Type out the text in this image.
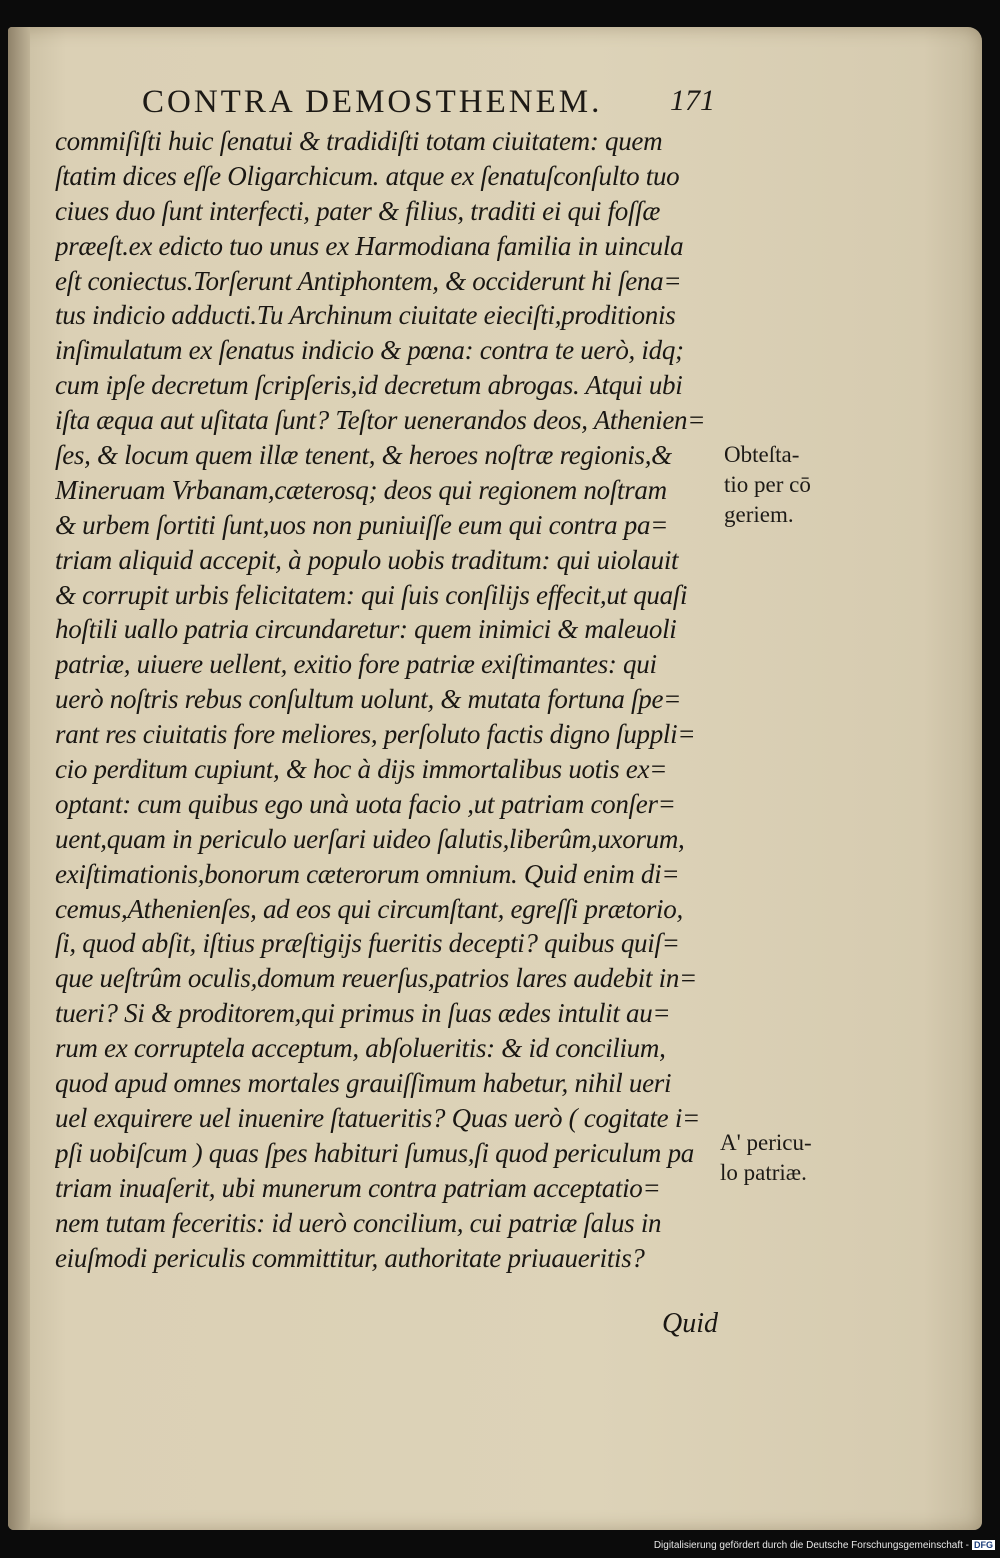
CONTRA DEMOSTHENEM. 171
commiſiſti huic ſenatui & tradidiſti totam ciuitatem: quem
ſtatim dices eſſe Oligarchicum. atque ex ſenatuſconſulto tuo
ciues duo ſunt interfecti, pater & filius, traditi ei qui foſſæ
præeſt.ex edicto tuo unus ex Harmodiana familia in uincula
eſt coniectus.Torſerunt Antiphontem, & occiderunt hi ſena=
tus indicio adducti.Tu Archinum ciuitate eieciſti,proditionis
inſimulatum ex ſenatus indicio & pœna: contra te uerò, idq;
cum ipſe decretum ſcripſeris,id decretum abrogas. Atqui ubi
iſta æqua aut uſitata ſunt? Teſtor uenerandos deos, Athenien=
ſes, & locum quem illæ tenent, & heroes noſtræ regionis,&
Mineruam Vrbanam,cæterosq; deos qui regionem noſtram
& urbem ſortiti ſunt,uos non puniuiſſe eum qui contra pa=
triam aliquid accepit, à populo uobis traditum: qui uiolauit
& corrupit urbis felicitatem: qui ſuis conſilijs effecit,ut quaſi
hoſtili uallo patria circundaretur: quem inimici & maleuoli
patriæ, uiuere uellent, exitio fore patriæ exiſtimantes: qui
uerò noſtris rebus conſultum uolunt, & mutata fortuna ſpe=
rant res ciuitatis fore meliores, perſoluto factis digno ſuppli=
cio perditum cupiunt, & hoc à dijs immortalibus uotis ex=
optant: cum quibus ego unà uota facio ,ut patriam conſer=
uent,quam in periculo uerſari uideo ſalutis,liberûm,uxorum,
exiſtimationis,bonorum cæterorum omnium. Quid enim di=
cemus,Athenienſes, ad eos qui circumſtant, egreſſi prætorio,
ſi, quod abſit, iſtius præſtigijs fueritis decepti? quibus quiſ=
que ueſtrûm oculis,domum reuerſus,patrios lares audebit in=
tueri? Si & proditorem,qui primus in ſuas ædes intulit au=
rum ex corruptela acceptum, abſolueritis: & id concilium,
quod apud omnes mortales grauiſſimum habetur, nihil ueri
uel exquirere uel inuenire ſtatueritis? Quas uerò ( cogitate i=
pſi uobiſcum ) quas ſpes habituri ſumus,ſi quod periculum pa
triam inuaſerit, ubi munerum contra patriam acceptatio=
nem tutam feceritis: id uerò concilium, cui patriæ ſalus in
eiuſmodi periculis committitur, authoritate priuaueritis?
Quid
Obteſta-
tio per cō
geriem.
A' pericu-
lo patriæ.
Digitalisierung gefördert durch die Deutsche Forschungsgemeinschaft - DFG
